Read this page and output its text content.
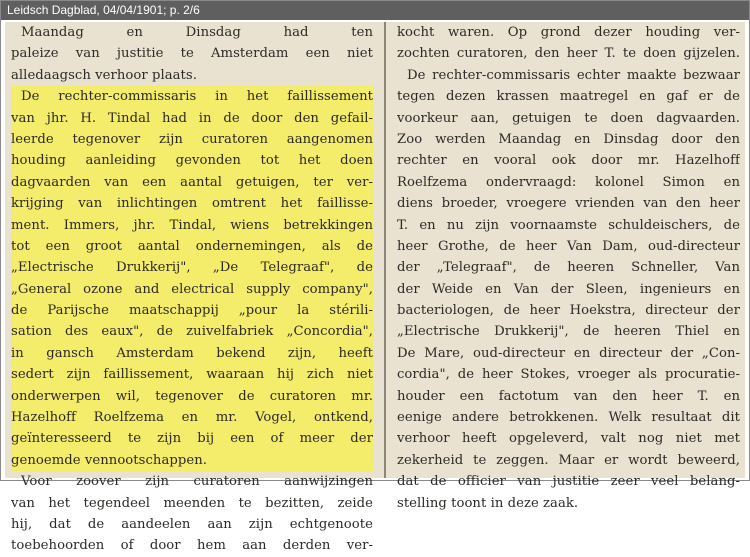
Leidsch Dagblad, 04/04/1901; p. 2/6
Maandag en Dinsdag had ten
paleize van justitie te Amsterdam een niet
alledaagsch verhoor plaats.
De rechter-commissaris in het faillissement
van jhr. H. Tindal had in de door den gefail-
leerde tegenover zijn curatoren aangenomen
houding aanleiding gevonden tot het doen
dagvaarden van een aantal getuigen, ter ver-
krijging van inlichtingen omtrent het faillisse-
ment. Immers, jhr. Tindal, wiens betrekkingen
tot een groot aantal ondernemingen, als de
„Electrische Drukkerij", „De Telegraaf", de
„General ozone and electrical supply company",
de Parijsche maatschappij „pour la stérili-
sation des eaux", de zuivelfabriek „Concordia",
in gansch Amsterdam bekend zijn, heeft
sedert zijn faillissement, waaraan hij zich niet
onderwerpen wil, tegenover de curatoren mr.
Hazelhoff Roelfzema en mr. Vogel, ontkend,
geïnteresseerd te zijn bij een of meer der
genoemde vennootschappen.
Voor zoover zijn curatoren aanwijzingen
van het tegendeel meenden te bezitten, zeide
hij, dat de aandeelen aan zijn echtgenoote
toebehoorden of door hem aan derden ver-
kocht waren. Op grond dezer houding ver-
zochten curatoren, den heer T. te doen gijzelen.
De rechter-commissaris echter maakte bezwaar
tegen dezen krassen maatregel en gaf er de
voorkeur aan, getuigen te doen dagvaarden.
Zoo werden Maandag en Dinsdag door den
rechter en vooral ook door mr. Hazelhoff
Roelfzema ondervraagd: kolonel Simon en
diens broeder, vroegere vrienden van den heer
T. en nu zijn voornaamste schuldeischers, de
heer Grothe, de heer Van Dam, oud-directeur
der „Telegraaf", de heeren Schneller, Van
der Weide en Van der Sleen, ingenieurs en
bacteriologen, de heer Hoekstra, directeur der
„Electrische Drukkerij", de heeren Thiel en
De Mare, oud-directeur en directeur der „Con-
cordia", de heer Stokes, vroeger als procuratie-
houder een factotum van den heer T. en
eenige andere betrokkenen. Welk resultaat dit
verhoor heeft opgeleverd, valt nog niet met
zekerheid te zeggen. Maar er wordt beweerd,
dat de officier van justitie zeer veel belang-
stelling toont in deze zaak.
